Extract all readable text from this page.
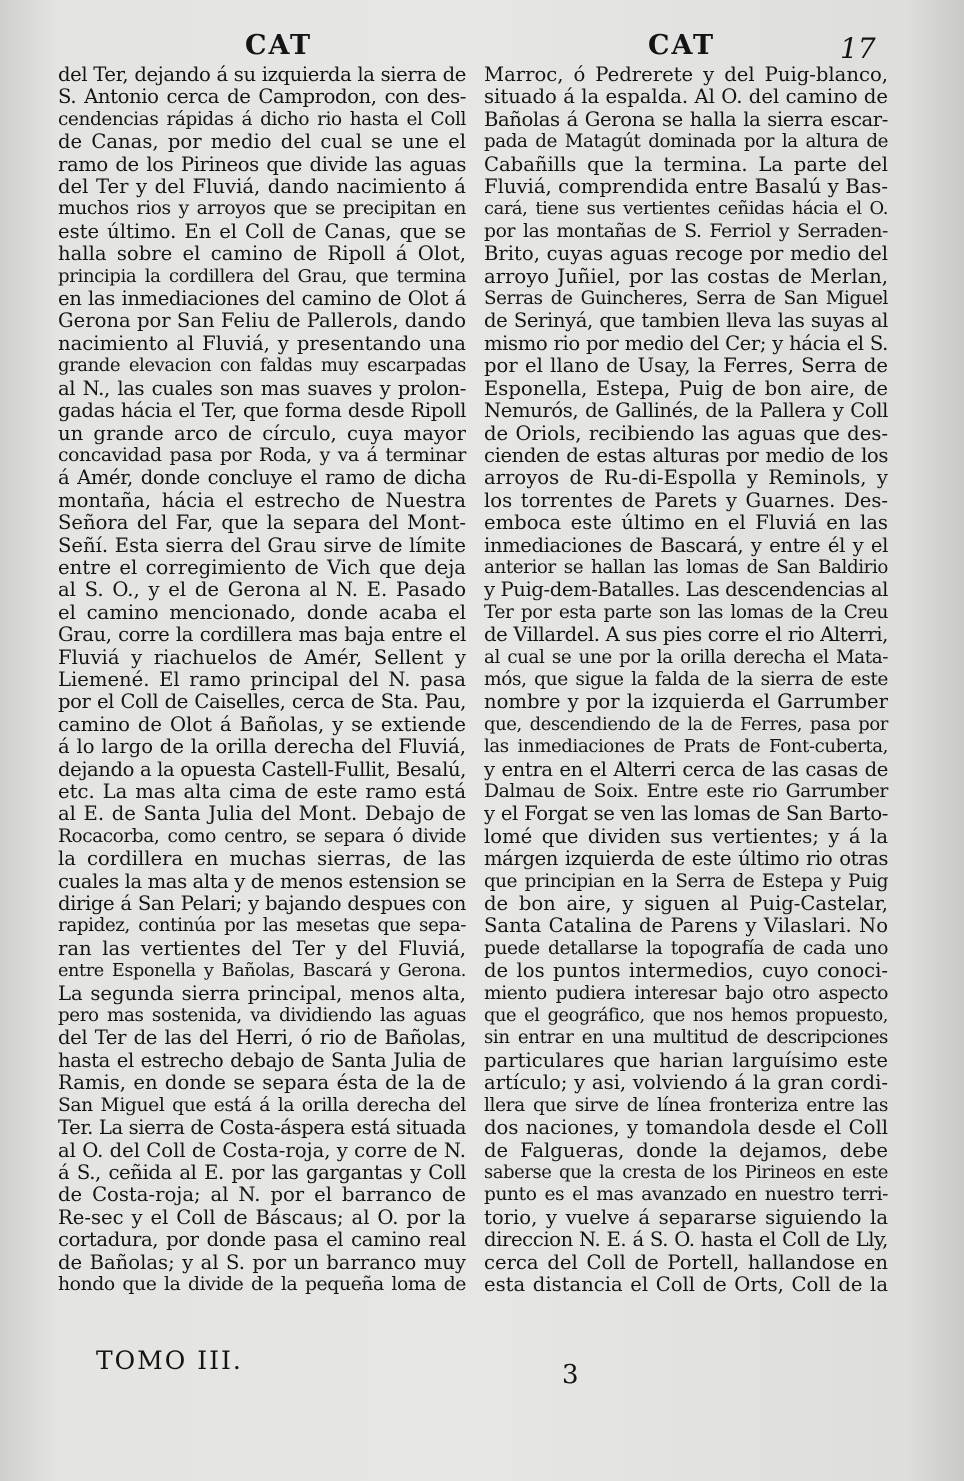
CAT	CAT	17
del Ter, dejando á su izquierda la sierra de
S. Antonio cerca de Camprodon, con des-
cendencias rápidas á dicho rio hasta el Coll
de Canas, por medio del cual se une el
ramo de los Pirineos que divide las aguas
del Ter y del Fluviá, dando nacimiento á
muchos rios y arroyos que se precipitan en
este último. En el Coll de Canas, que se
halla sobre el camino de Ripoll á Olot,
principia la cordillera del Grau, que termina
en las inmediaciones del camino de Olot á
Gerona por San Feliu de Pallerols, dando
nacimiento al Fluviá, y presentando una
grande elevacion con faldas muy escarpadas
al N., las cuales son mas suaves y prolon-
gadas hácia el Ter, que forma desde Ripoll
un grande arco de círculo, cuya mayor
concavidad pasa por Roda, y va á terminar
á Amér, donde concluye el ramo de dicha
montaña, hácia el estrecho de Nuestra
Señora del Far, que la separa del Mont-
Señí. Esta sierra del Grau sirve de límite
entre el corregimiento de Vich que deja
al S. O., y el de Gerona al N. E. Pasado
el camino mencionado, donde acaba el
Grau, corre la cordillera mas baja entre el
Fluviá y riachuelos de Amér, Sellent y
Liemené. El ramo principal del N. pasa
por el Coll de Caiselles, cerca de Sta. Pau,
camino de Olot á Bañolas, y se extiende
á lo largo de la orilla derecha del Fluviá,
dejando a la opuesta Castell-Fullit, Besalú,
etc. La mas alta cima de este ramo está
al E. de Santa Julia del Mont. Debajo de
Rocacorba, como centro, se separa ó divide
la cordillera en muchas sierras, de las
cuales la mas alta y de menos estension se
dirige á San Pelari; y bajando despues con
rapidez, continúa por las mesetas que sepa-
ran las vertientes del Ter y del Fluviá,
entre Esponella y Bañolas, Bascará y Gerona.
La segunda sierra principal, menos alta,
pero mas sostenida, va dividiendo las aguas
del Ter de las del Herri, ó rio de Bañolas,
hasta el estrecho debajo de Santa Julia de
Ramis, en donde se separa ésta de la de
San Miguel que está á la orilla derecha del
Ter. La sierra de Costa-áspera está situada
al O. del Coll de Costa-roja, y corre de N.
á S., ceñida al E. por las gargantas y Coll
de Costa-roja; al N. por el barranco de
Re-sec y el Coll de Báscaus; al O. por la
cortadura, por donde pasa el camino real
de Bañolas; y al S. por un barranco muy
hondo que la divide de la pequeña loma de
Marroc, ó Pedrerete y del Puig-blanco,
situado á la espalda. Al O. del camino de
Bañolas á Gerona se halla la sierra escar-
pada de Matagút dominada por la altura de
Cabañills que la termina. La parte del
Fluviá, comprendida entre Basalú y Bas-
cará, tiene sus vertientes ceñidas hácia el O.
por las montañas de S. Ferriol y Serraden-
Brito, cuyas aguas recoge por medio del
arroyo Juñiel, por las costas de Merlan,
Serras de Guincheres, Serra de San Miguel
de Serinyá, que tambien lleva las suyas al
mismo rio por medio del Cer; y hácia el S.
por el llano de Usay, la Ferres, Serra de
Esponella, Estepa, Puig de bon aire, de
Nemurós, de Gallinés, de la Pallera y Coll
de Oriols, recibiendo las aguas que des-
cienden de estas alturas por medio de los
arroyos de Ru-di-Espolla y Reminols, y
los torrentes de Parets y Guarnes. Des-
emboca este último en el Fluviá en las
inmediaciones de Bascará, y entre él y el
anterior se hallan las lomas de San Baldirio
y Puig-dem-Batalles. Las descendencias al
Ter por esta parte son las lomas de la Creu
de Villardel. A sus pies corre el rio Alterri,
al cual se une por la orilla derecha el Mata-
mós, que sigue la falda de la sierra de este
nombre y por la izquierda el Garrumber
que, descendiendo de la de Ferres, pasa por
las inmediaciones de Prats de Font-cuberta,
y entra en el Alterri cerca de las casas de
Dalmau de Soix. Entre este rio Garrumber
y el Forgat se ven las lomas de San Barto-
lomé que dividen sus vertientes; y á la
márgen izquierda de este último rio otras
que principian en la Serra de Estepa y Puig
de bon aire, y siguen al Puig-Castelar,
Santa Catalina de Parens y Vilaslari. No
puede detallarse la topografía de cada uno
de los puntos intermedios, cuyo conoci-
miento pudiera interesar bajo otro aspecto
que el geográfico, que nos hemos propuesto,
sin entrar en una multitud de descripciones
particulares que harian larguísimo este
artículo; y asi, volviendo á la gran cordi-
llera que sirve de línea fronteriza entre las
dos naciones, y tomandola desde el Coll
de Falgueras, donde la dejamos, debe
saberse que la cresta de los Pirineos en este
punto es el mas avanzado en nuestro terri-
torio, y vuelve á separarse siguiendo la
direccion N. E. á S. O. hasta el Coll de Lly,
cerca del Coll de Portell, hallandose en
esta distancia el Coll de Orts, Coll de la
TOMO III.	3
